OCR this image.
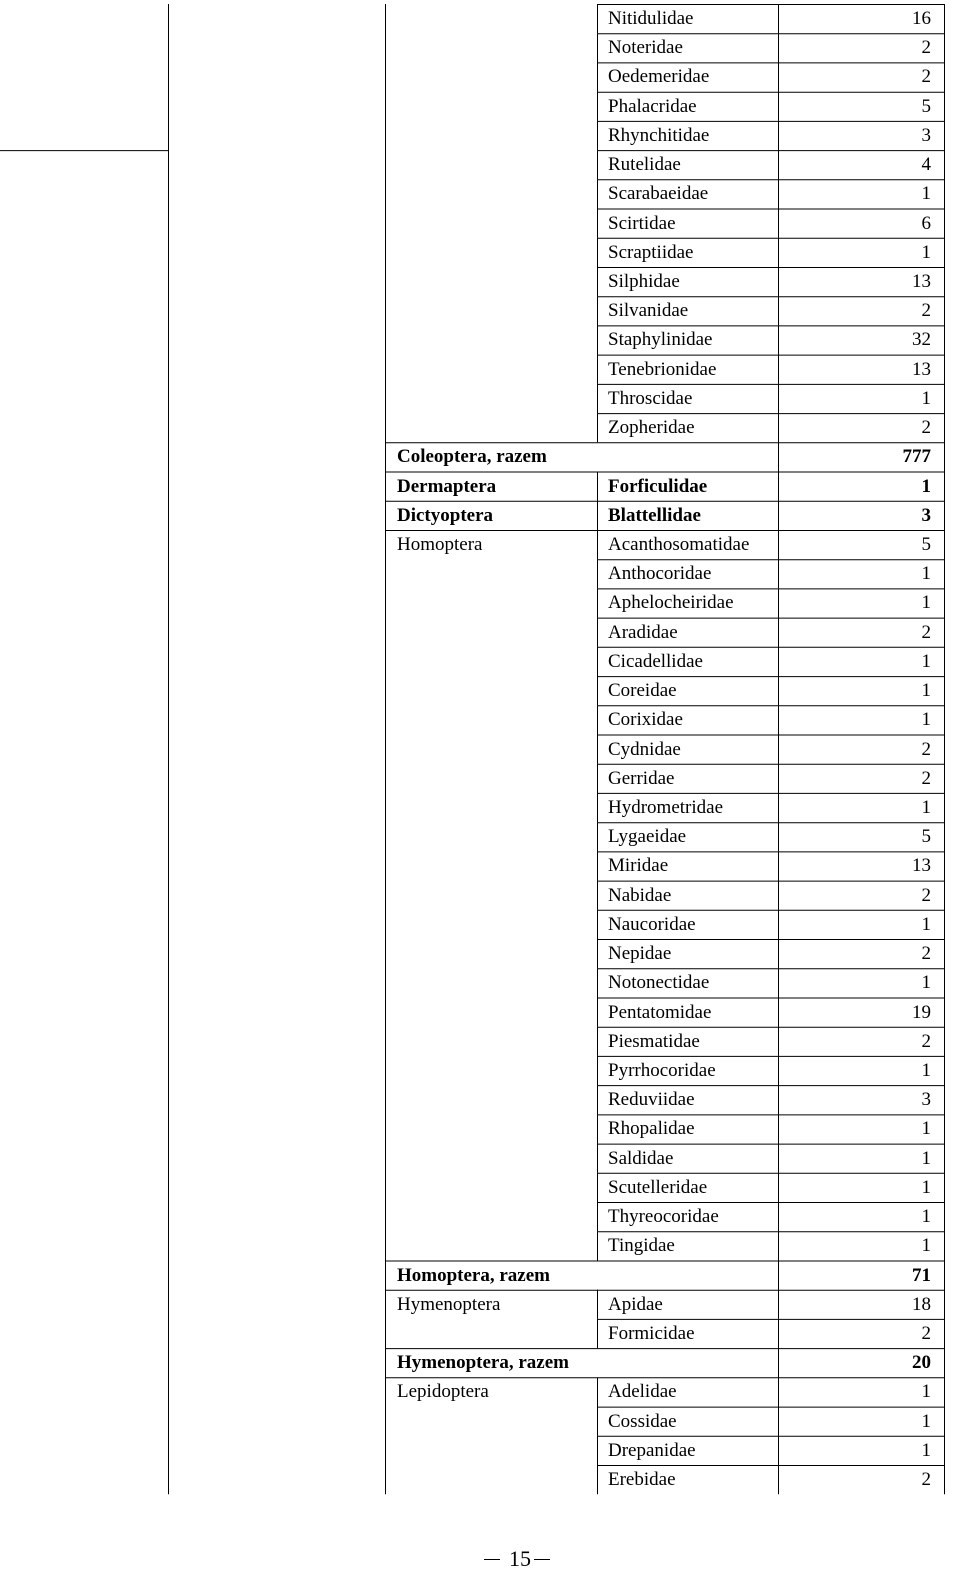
Nitidulidae	16
Noteridae	2
Oedemeridae	2
Phalacridae	5
Rhynchitidae	3
Rutelidae	4
Scarabaeidae	1
Scirtidae	6
Scraptiidae	1
Silphidae	13
Silvanidae	2
Staphylinidae	32
Tenebrionidae	13
Throscidae	1
Zopheridae	2
Coleoptera, razem	777
Dermaptera	Forficulidae	1
Dictyoptera	Blattellidae	3
Homoptera	Acanthosomatidae	5
Anthocoridae	1
Aphelocheiridae	1
Aradidae	2
Cicadellidae	1
Coreidae	1
Corixidae	1
Cydnidae	2
Gerridae	2
Hydrometridae	1
Lygaeidae	5
Miridae	13
Nabidae	2
Naucoridae	1
Nepidae	2
Notonectidae	1
Pentatomidae	19
Piesmatidae	2
Pyrrhocoridae	1
Reduviidae	3
Rhopalidae	1
Saldidae	1
Scutelleridae	1
Thyreocoridae	1
Tingidae	1
Homoptera, razem	71
Hymenoptera	Apidae	18
Formicidae	2
Hymenoptera, razem	20
Lepidoptera	Adelidae	1
Cossidae	1
Drepanidae	1
Erebidae	2
15
